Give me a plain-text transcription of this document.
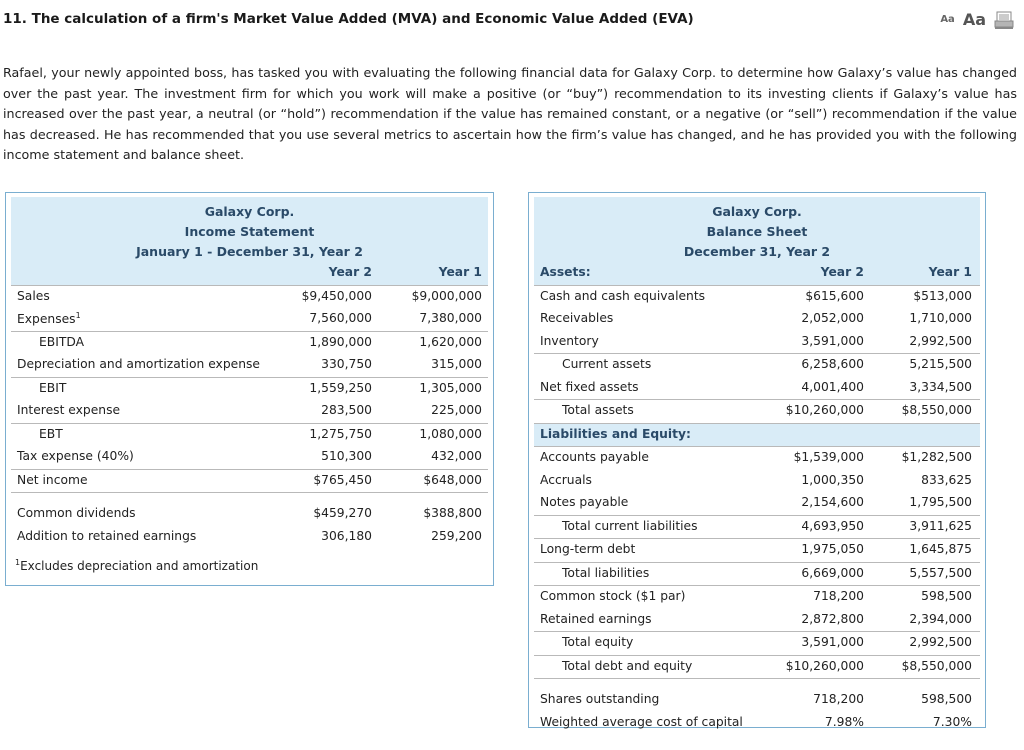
11. The calculation of a firm's Market Value Added (MVA) and Economic Value Added (EVA)	Aa Aa
Rafael, your newly appointed boss, has tasked you with evaluating the following financial data for Galaxy Corp. to determine how Galaxy’s value has changed over the past year. The investment firm for which you work will make a positive (or “buy”) recommendation to its investing clients if Galaxy’s value has increased over the past year, a neutral (or “hold”) recommendation if the value has remained constant, or a negative (or “sell”) recommendation if the value has decreased. He has recommended that you use several metrics to ascertain how the firm’s value has changed, and he has provided you with the following income statement and balance sheet.
Galaxy Corp.
Income Statement
January 1 - December 31, Year 2
Year 2	Year 1
Sales	$9,450,000	$9,000,000
Expenses$^1$	7,560,000	7,380,000
EBITDA	1,890,000	1,620,000
Depreciation and amortization expense	330,750	315,000
EBIT	1,559,250	1,305,000
Interest expense	283,500	225,000
EBT	1,275,750	1,080,000
Tax expense (40%)	510,300	432,000
Net income	$765,450	$648,000
Common dividends	$459,270	$388,800
Addition to retained earnings	306,180	259,200
$^1$Excludes depreciation and amortization
Galaxy Corp.
Balance Sheet
December 31, Year 2
Assets:	Year 2	Year 1
Cash and cash equivalents	$615,600	$513,000
Receivables	2,052,000	1,710,000
Inventory	3,591,000	2,992,500
Current assets	6,258,600	5,215,500
Net fixed assets	4,001,400	3,334,500
Total assets	$10,260,000	$8,550,000
Liabilities and Equity:
Accounts payable	$1,539,000	$1,282,500
Accruals	1,000,350	833,625
Notes payable	2,154,600	1,795,500
Total current liabilities	4,693,950	3,911,625
Long-term debt	1,975,050	1,645,875
Total liabilities	6,669,000	5,557,500
Common stock ($1 par)	718,200	598,500
Retained earnings	2,872,800	2,394,000
Total equity	3,591,000	2,992,500
Total debt and equity	$10,260,000	$8,550,000
Shares outstanding	718,200	598,500
Weighted average cost of capital	7.98%	7.30%
